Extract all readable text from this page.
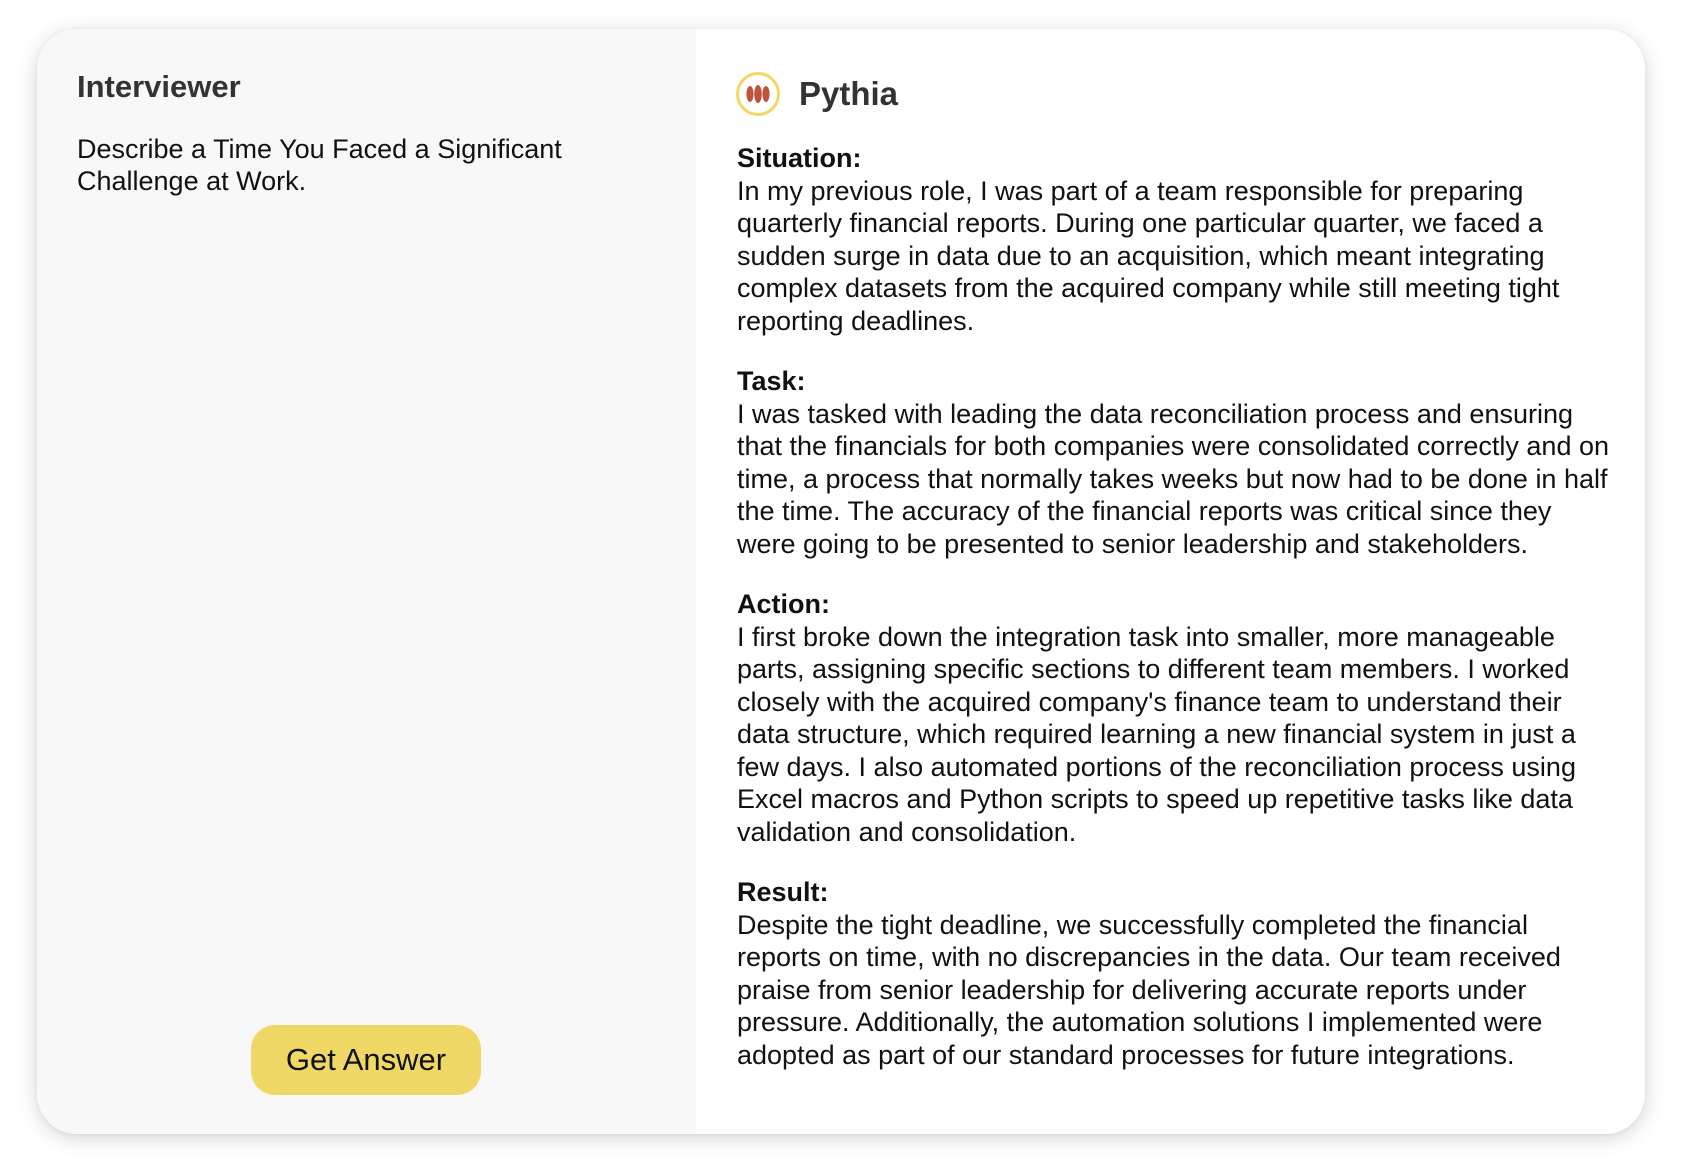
Interviewer

Describe a Time You Faced a Significant Challenge at Work.

Get Answer
Pythia
Situation:
In my previous role, I was part of a team responsible for preparing quarterly financial reports. During one particular quarter, we faced a sudden surge in data due to an acquisition, which meant integrating complex datasets from the acquired company while still meeting tight reporting deadlines.
Task:
I was tasked with leading the data reconciliation process and ensuring that the financials for both companies were consolidated correctly and on time, a process that normally takes weeks but now had to be done in half the time. The accuracy of the financial reports was critical since they were going to be presented to senior leadership and stakeholders.
Action:
I first broke down the integration task into smaller, more manageable parts, assigning specific sections to different team members. I worked closely with the acquired company's finance team to understand their data structure, which required learning a new financial system in just a few days. I also automated portions of the reconciliation process using Excel macros and Python scripts to speed up repetitive tasks like data validation and consolidation.
Result:
Despite the tight deadline, we successfully completed the financial reports on time, with no discrepancies in the data. Our team received praise from senior leadership for delivering accurate reports under pressure. Additionally, the automation solutions I implemented were adopted as part of our standard processes for future integrations.
